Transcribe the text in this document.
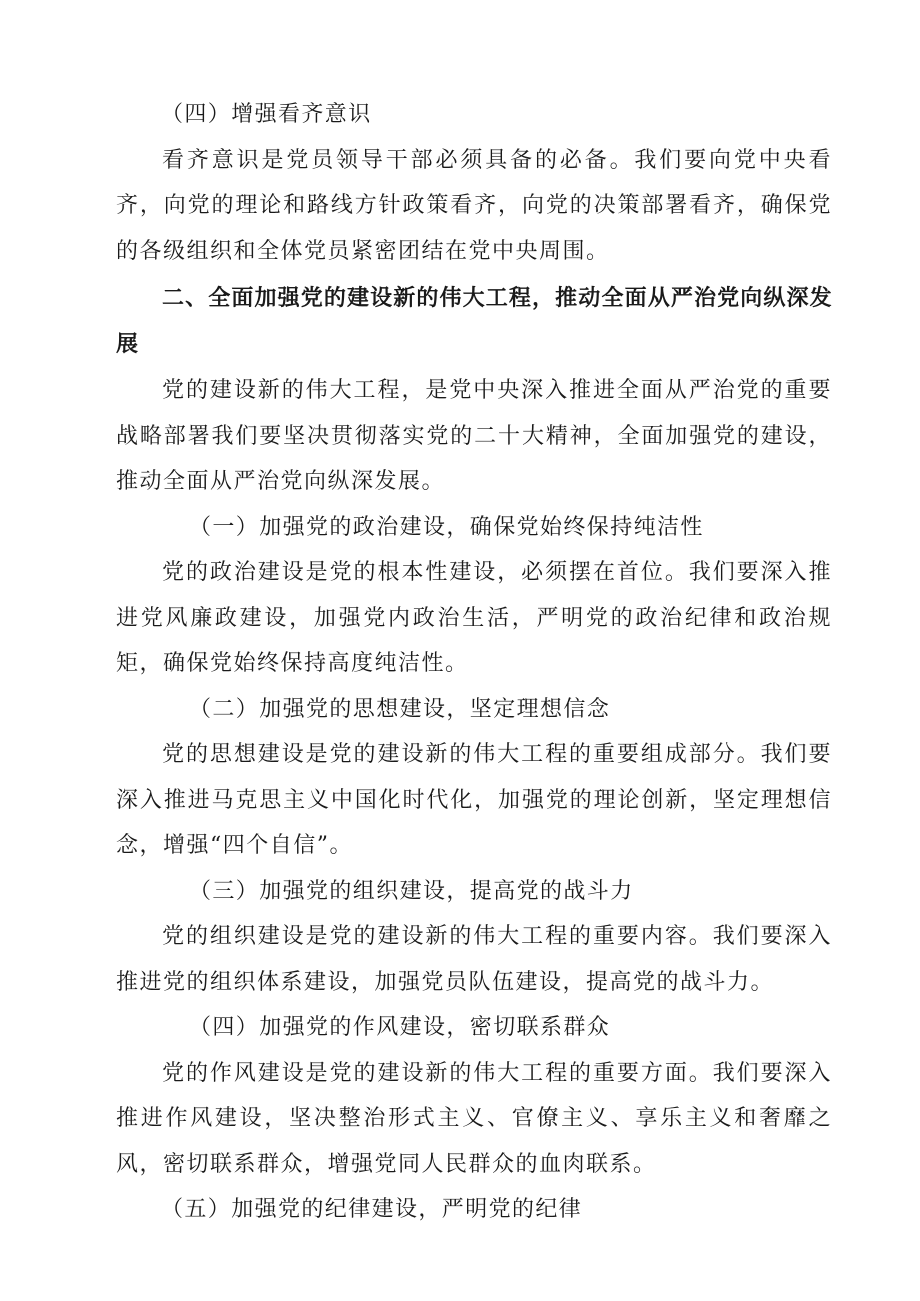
（四）增强看齐意识

看齐意识是党员领导干部必须具备的必备。我们要向党中央看齐，向党的理论和路线方针政策看齐，向党的决策部署看齐，确保党的各级组织和全体党员紧密团结在党中央周围。

二、全面加强党的建设新的伟大工程，推动全面从严治党向纵深发展

党的建设新的伟大工程，是党中央深入推进全面从严治党的重要战略部署我们要坚决贯彻落实党的二十大精神，全面加强党的建设，推动全面从严治党向纵深发展。

（一）加强党的政治建设，确保党始终保持纯洁性

党的政治建设是党的根本性建设，必须摆在首位。我们要深入推进党风廉政建设，加强党内政治生活，严明党的政治纪律和政治规矩，确保党始终保持高度纯洁性。

（二）加强党的思想建设，坚定理想信念

党的思想建设是党的建设新的伟大工程的重要组成部分。我们要深入推进马克思主义中国化时代化，加强党的理论创新，坚定理想信念，增强“四个自信”。

（三）加强党的组织建设，提高党的战斗力

党的组织建设是党的建设新的伟大工程的重要内容。我们要深入推进党的组织体系建设，加强党员队伍建设，提高党的战斗力。

（四）加强党的作风建设，密切联系群众

党的作风建设是党的建设新的伟大工程的重要方面。我们要深入推进作风建设，坚决整治形式主义、官僚主义、享乐主义和奢靡之风，密切联系群众，增强党同人民群众的血肉联系。

（五）加强党的纪律建设，严明党的纪律
